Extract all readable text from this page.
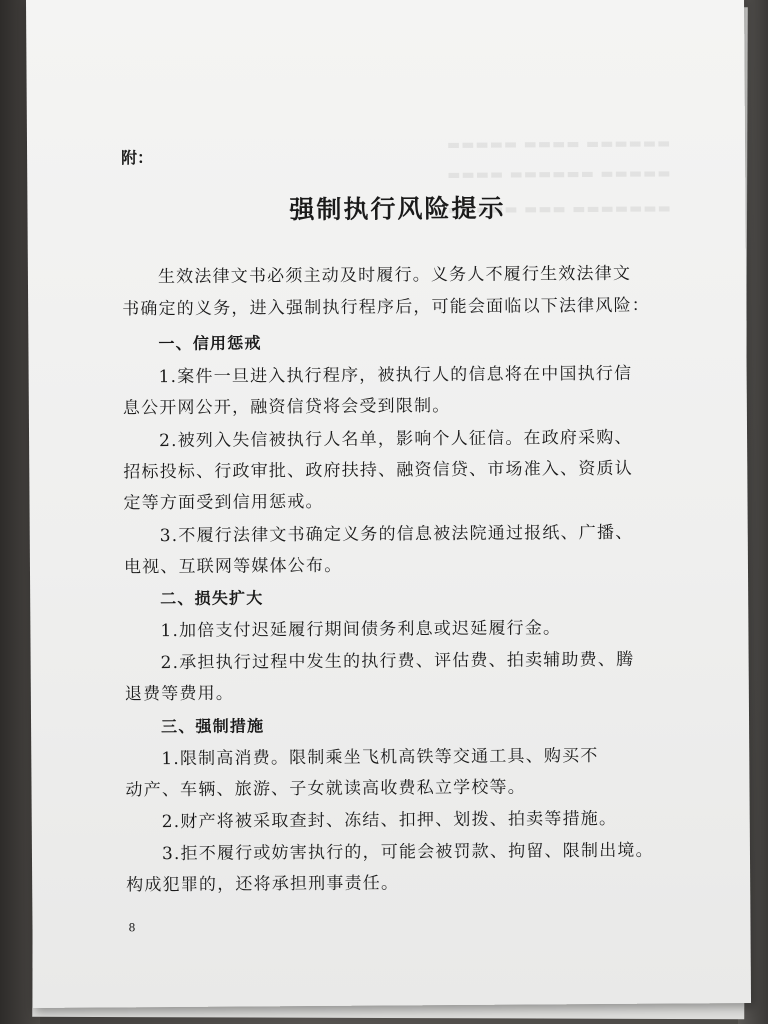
▬▬▬▬▬ ▬▬▬▬ ▬▬▬▬▬▬
▬▬▬▬ ▬▬▬▬▬▬ ▬▬▬▬▬
▬▬▬▬▬ ▬▬▬ ▬▬▬▬▬▬▬
附：
强制执行风险提示
生效法律文书必须主动及时履行。义务人不履行生效法律文
书确定的义务，进入强制执行程序后，可能会面临以下法律风险：
一、信用惩戒
1.案件一旦进入执行程序，被执行人的信息将在中国执行信
息公开网公开，融资信贷将会受到限制。
2.被列入失信被执行人名单，影响个人征信。在政府采购、
招标投标、行政审批、政府扶持、融资信贷、市场准入、资质认
定等方面受到信用惩戒。
3.不履行法律文书确定义务的信息被法院通过报纸、广播、
电视、互联网等媒体公布。
二、损失扩大
1.加倍支付迟延履行期间债务利息或迟延履行金。
2.承担执行过程中发生的执行费、评估费、拍卖辅助费、腾
退费等费用。
三、强制措施
1.限制高消费。限制乘坐飞机高铁等交通工具、购买不
动产、车辆、旅游、子女就读高收费私立学校等。
2.财产将被采取查封、冻结、扣押、划拨、拍卖等措施。
3.拒不履行或妨害执行的，可能会被罚款、拘留、限制出境。
构成犯罪的，还将承担刑事责任。
8
